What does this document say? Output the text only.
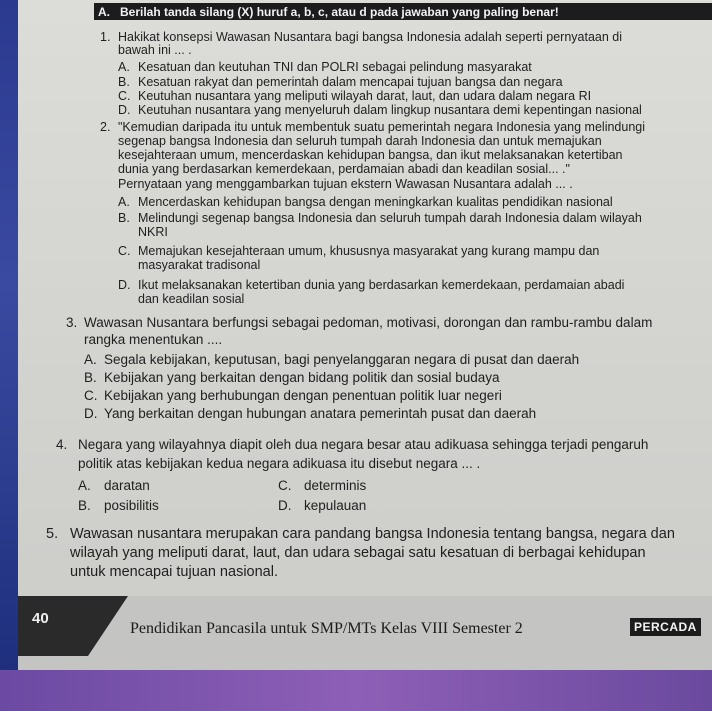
A. Berilah tanda silang (X) huruf a, b, c, atau d pada jawaban yang paling benar!
1. Hakikat konsepsi Wawasan Nusantara bagi bangsa Indonesia adalah seperti pernyataan di
bawah ini ... .
A. Kesatuan dan keutuhan TNI dan POLRI sebagai pelindung masyarakat
B. Kesatuan rakyat dan pemerintah dalam mencapai tujuan bangsa dan negara
C. Keutuhan nusantara yang meliputi wilayah darat, laut, dan udara dalam negara RI
D. Keutuhan nusantara yang menyeluruh dalam lingkup nusantara demi kepentingan nasional
2. "Kemudian daripada itu untuk membentuk suatu pemerintah negara Indonesia yang melindungi
segenap bangsa Indonesia dan seluruh tumpah darah Indonesia dan untuk memajukan
kesejahteraan umum, mencerdaskan kehidupan bangsa, dan ikut melaksanakan ketertiban
dunia yang berdasarkan kemerdekaan, perdamaian abadi dan keadilan sosial... ."
Pernyataan yang menggambarkan tujuan ekstern Wawasan Nusantara adalah ... .
A. Mencerdaskan kehidupan bangsa dengan meningkarkan kualitas pendidikan nasional
B. Melindungi segenap bangsa Indonesia dan seluruh tumpah darah Indonesia dalam wilayah
NKRI
C. Memajukan kesejahteraan umum, khususnya masyarakat yang kurang mampu dan
masyarakat tradisonal
D. Ikut melaksanakan ketertiban dunia yang berdasarkan kemerdekaan, perdamaian abadi
dan keadilan sosial
3. Wawasan Nusantara berfungsi sebagai pedoman, motivasi, dorongan dan rambu-rambu dalam
rangka menentukan ....
A. Segala kebijakan, keputusan, bagi penyelanggaran negara di pusat dan daerah
B. Kebijakan yang berkaitan dengan bidang politik dan sosial budaya
C. Kebijakan yang berhubungan dengan penentuan politik luar negeri
D. Yang berkaitan dengan hubungan anatara pemerintah pusat dan daerah
4. Negara yang wilayahnya diapit oleh dua negara besar atau adikuasa sehingga terjadi pengaruh
politik atas kebijakan kedua negara adikuasa itu disebut negara ... .
A. daratan	C. determinis
B. posibilitis	D. kepulauan
5. Wawasan nusantara merupakan cara pandang bangsa Indonesia tentang bangsa, negara dan
wilayah yang meliputi darat, laut, dan udara sebagai satu kesatuan di berbagai kehidupan
untuk mencapai tujuan nasional.
40
Pendidikan Pancasila untuk SMP/MTs Kelas VIII Semester 2	PERCADA
